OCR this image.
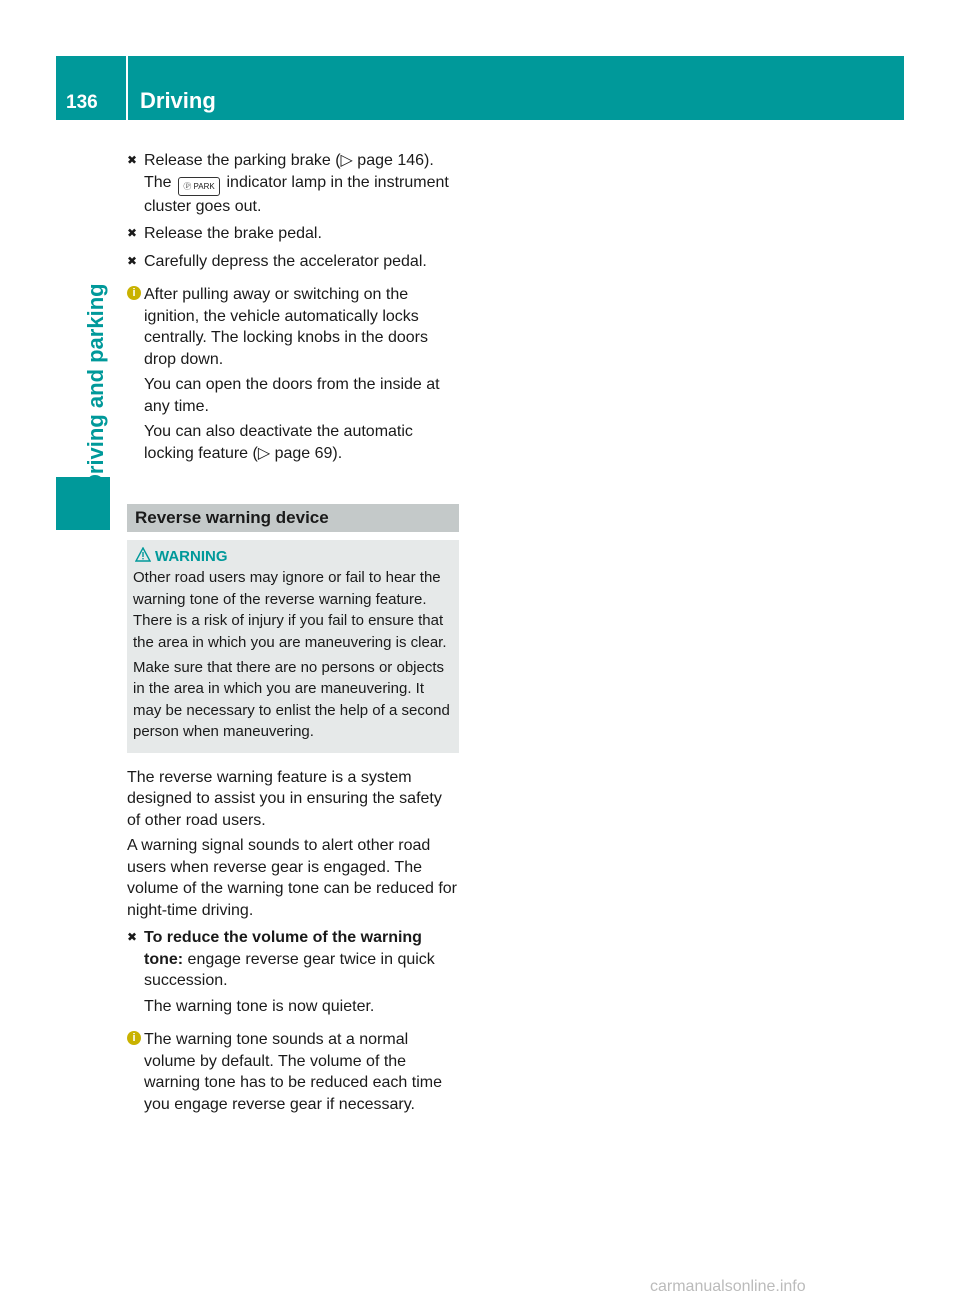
136	Driving
Driving and parking
✖ Release the parking brake (▷ page 146).
The Ⓟ PARK indicator lamp in the instrument cluster goes out.
✖ Release the brake pedal.
✖ Carefully depress the accelerator pedal.
i After pulling away or switching on the ignition, the vehicle automatically locks centrally. The locking knobs in the doors drop down.

You can open the doors from the inside at any time.

You can also deactivate the automatic locking feature (▷ page 69).

Reverse warning device
WARNING

Other road users may ignore or fail to hear the warning tone of the reverse warning feature. There is a risk of injury if you fail to ensure that the area in which you are maneuvering is clear.

Make sure that there are no persons or objects in the area in which you are maneuvering. It may be necessary to enlist the help of a second person when maneuvering.

The reverse warning feature is a system designed to assist you in ensuring the safety of other road users.

A warning signal sounds to alert other road users when reverse gear is engaged. The volume of the warning tone can be reduced for night-time driving.

✖ To reduce the volume of the warning tone: engage reverse gear twice in quick succession.
The warning tone is now quieter.
i The warning tone sounds at a normal volume by default. The volume of the warning tone has to be reduced each time you engage reverse gear if necessary.

carmanualsonline.info
